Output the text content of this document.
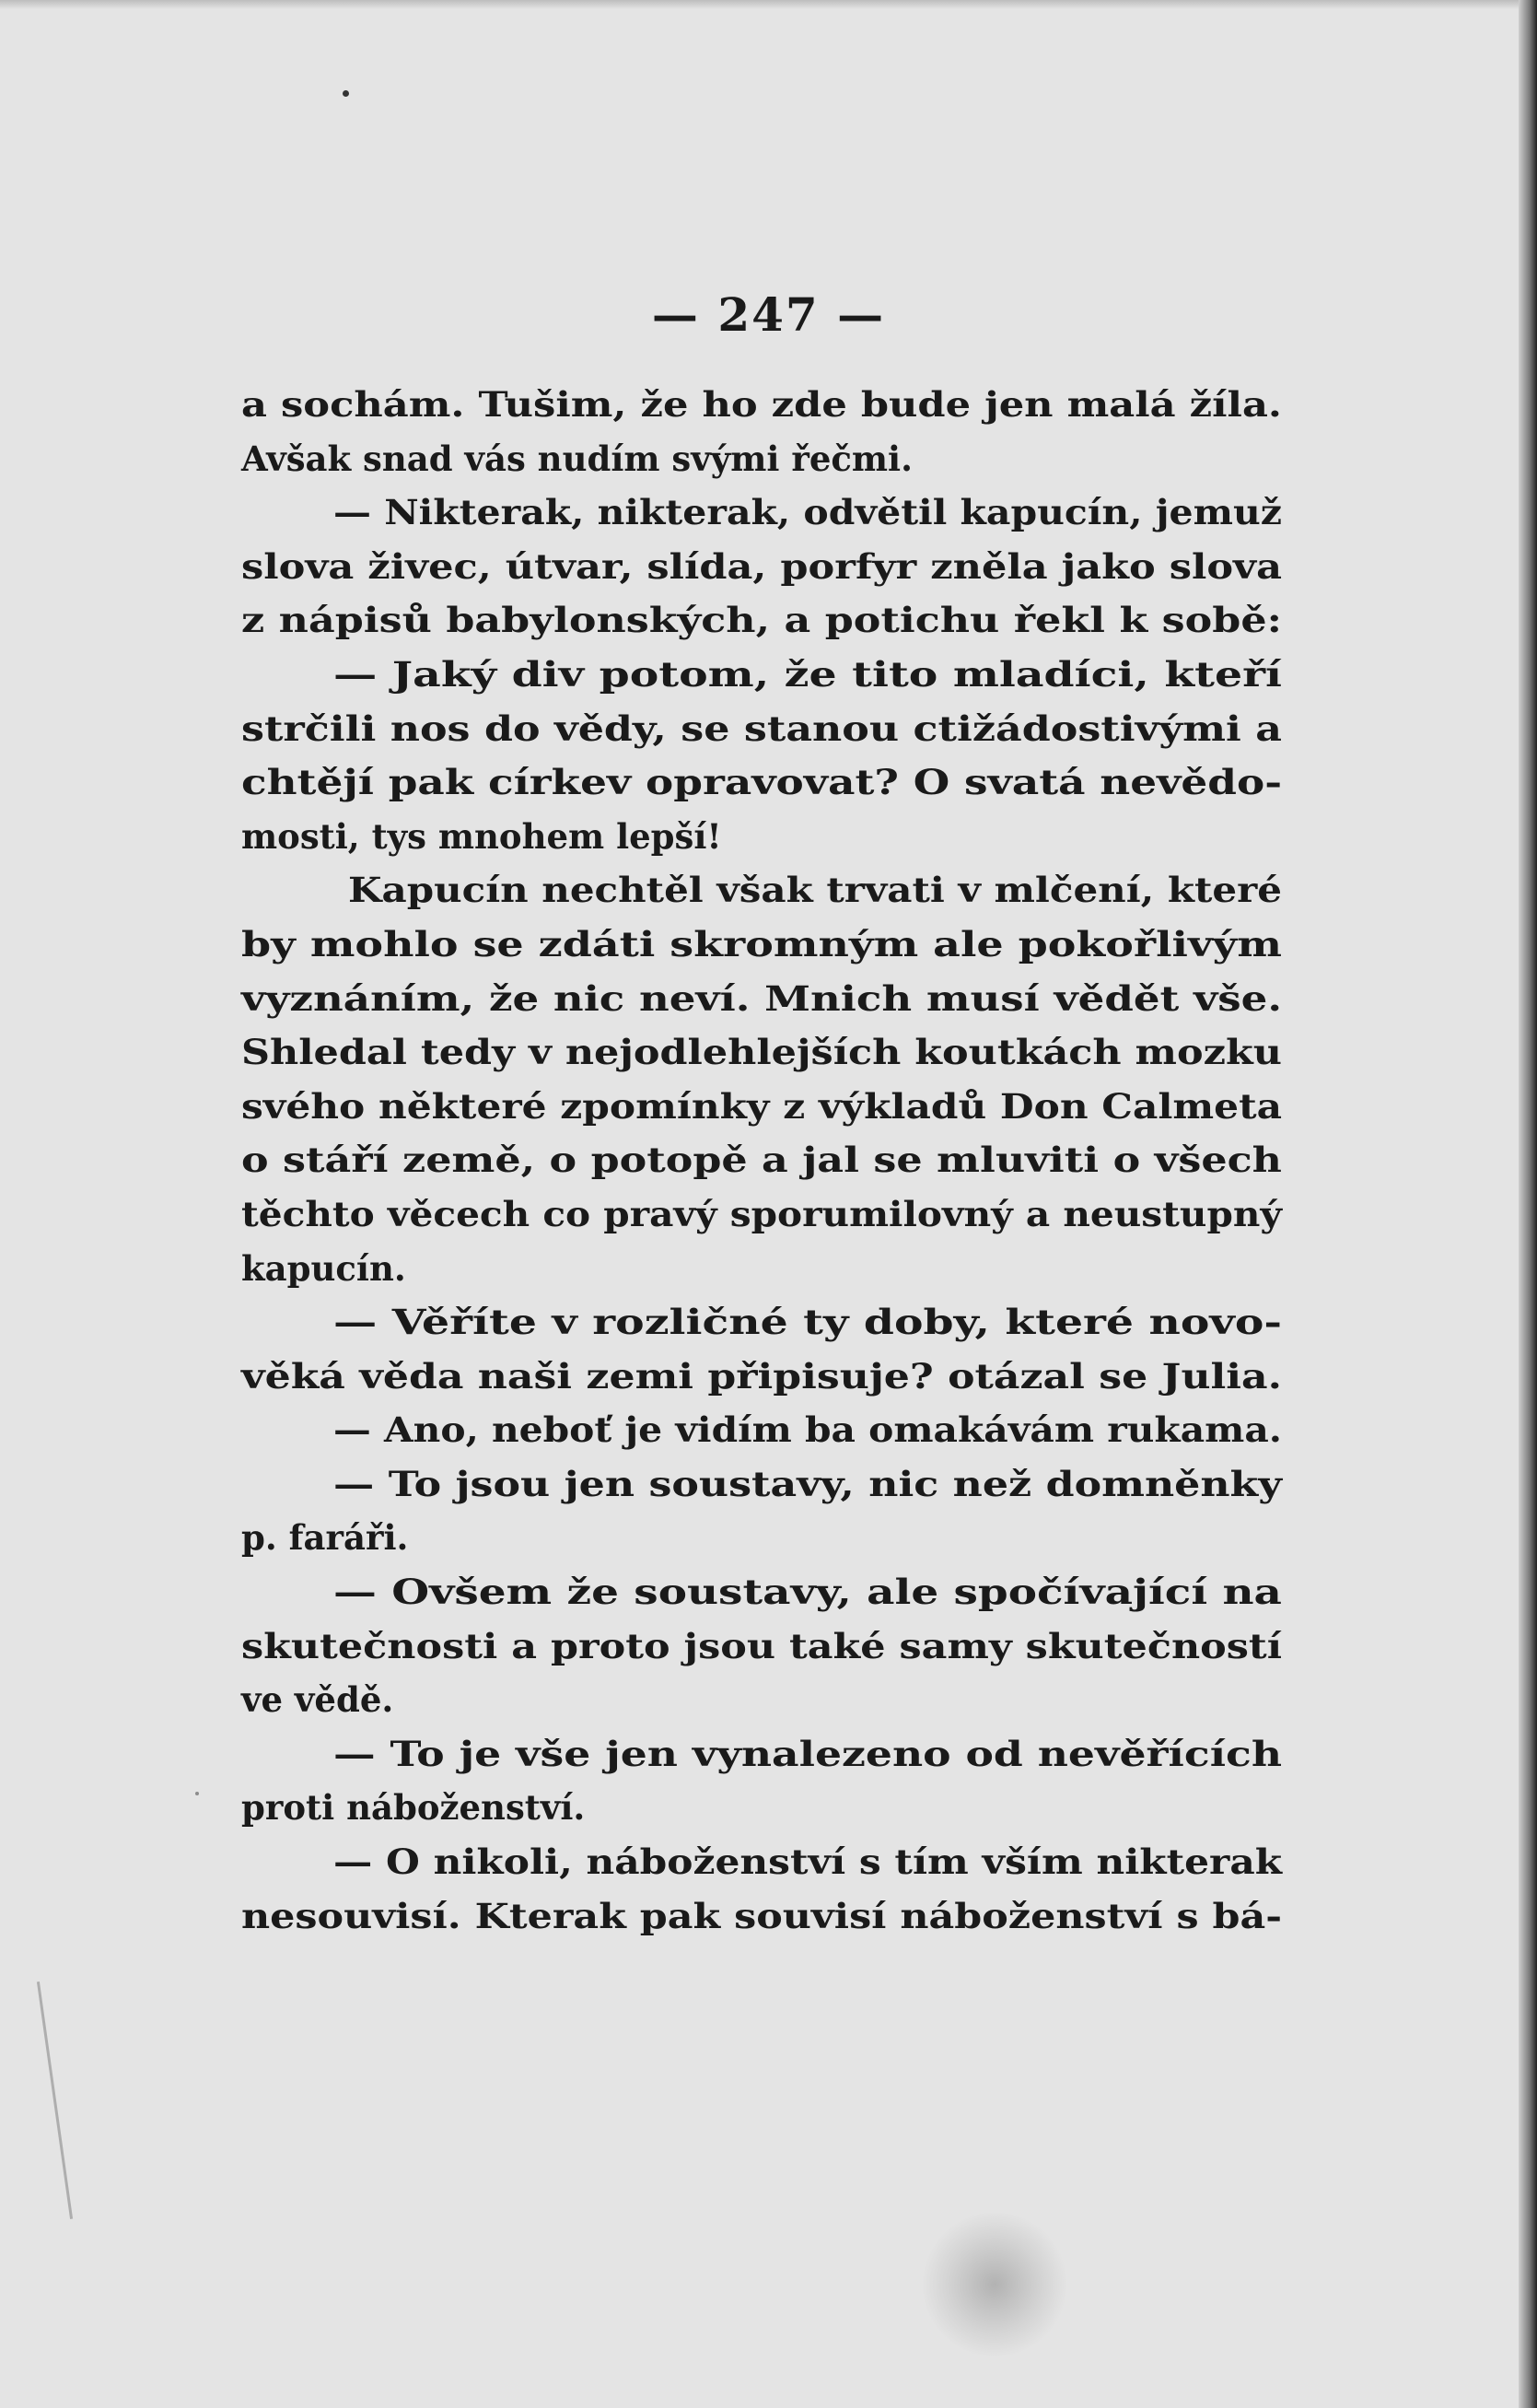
— 247 —
a sochám. Tušim, že ho zde bude jen malá žíla.
Avšak snad vás nudím svými řečmi.
— Nikterak, nikterak, odvětil kapucín, jemuž
slova živec, útvar, slída, porfyr zněla jako slova
z nápisů babylonských, a potichu řekl k sobě:
— Jaký div potom, že tito mladíci, kteří
strčili nos do vědy, se stanou ctižádostivými a
chtějí pak církev opravovat? O svatá nevědo-
mosti, tys mnohem lepší!
Kapucín nechtěl však trvati v mlčení, které
by mohlo se zdáti skromným ale pokořlivým
vyznáním, že nic neví. Mnich musí vědět vše.
Shledal tedy v nejodlehlejších koutkách mozku
svého některé zpomínky z výkladů Don Calmeta
o stáří země, o potopě a jal se mluviti o všech
těchto věcech co pravý sporumilovný a neustupný
kapucín.
— Věříte v rozličné ty doby, které novo-
věká věda naši zemi připisuje? otázal se Julia.
— Ano, neboť je vidím ba omakávám rukama.
— To jsou jen soustavy, nic než domněnky
p. faráři.
— Ovšem že soustavy, ale spočívající na
skutečnosti a proto jsou také samy skutečností
ve vědě.
— To je vše jen vynalezeno od nevěřících
proti náboženství.
— O nikoli, náboženství s tím vším nikterak
nesouvisí. Kterak pak souvisí náboženství s bá-
